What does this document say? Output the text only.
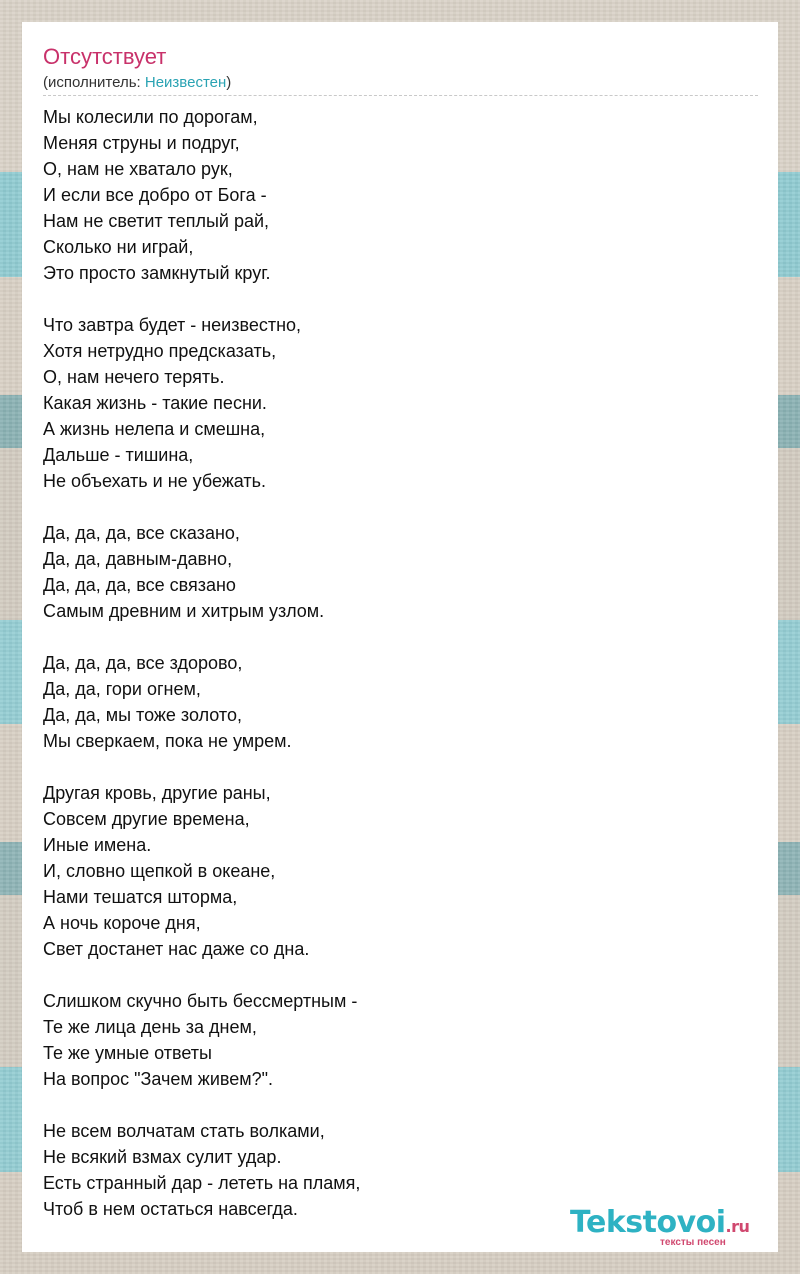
Отсутствует
(исполнитель: Неизвестен)
Мы колесили по дорогам,
Меняя струны и подруг,
О, нам не хватало рук,
И если все добро от Бога -
Нам не светит теплый рай,
Сколько ни играй,
Это просто замкнутый круг.
Что завтра будет - неизвестно,
Хотя нетрудно предсказать,
О, нам нечего терять.
Какая жизнь - такие песни.
А жизнь нелепа и смешна,
Дальше - тишина,
Не объехать и не убежать.
Да, да, да, все сказано,
Да, да, давным-давно,
Да, да, да, все связано
Самым древним и хитрым узлом.
Да, да, да, все здорово,
Да, да, гори огнем,
Да, да, мы тоже золото,
Мы сверкаем, пока не умрем.
Другая кровь, другие раны,
Совсем другие времена,
Иные имена.
И, словно щепкой в океане,
Нами тешатся шторма,
А ночь короче дня,
Свет достанет нас даже со дна.
Слишком скучно быть бессмертным -
Те же лица день за днем,
Те же умные ответы
На вопрос "Зачем живем?".
Не всем волчатам стать волками,
Не всякий взмах сулит удар.
Есть странный дар - лететь на пламя,
Чтоб в нем остаться навсегда.	Tekstovoi.ru
тексты песен
